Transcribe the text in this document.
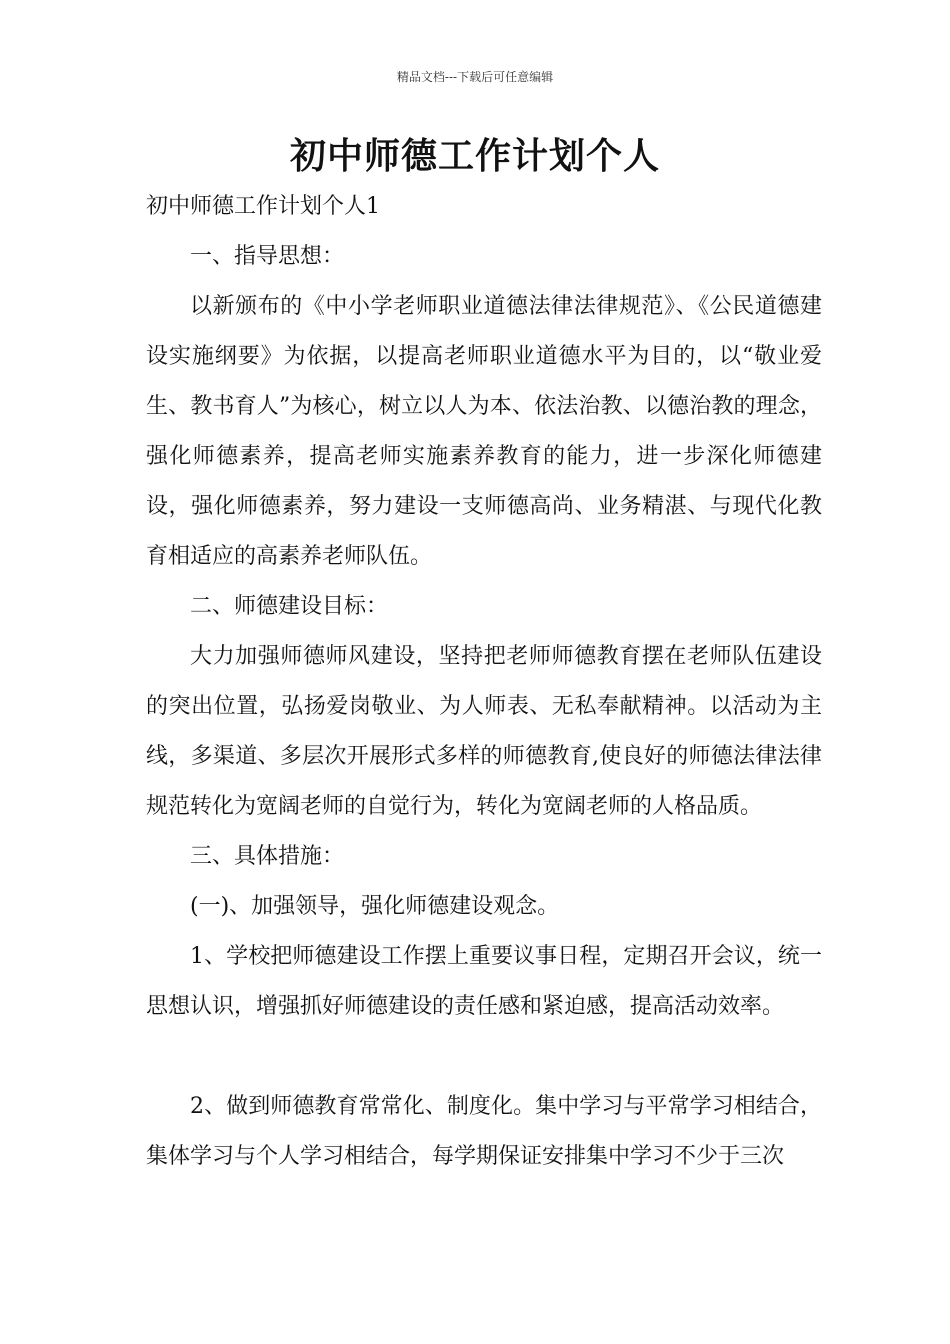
精品文档---下载后可任意编辑
初中师德工作计划个人

初中师德工作计划个人1

一、指导思想：

以新颁布的《中小学老师职业道德法律法律规范》、《公民道德建设实施纲要》为依据，以提高老师职业道德水平为目的，以“敬业爱生、教书育人”为核心，树立以人为本、依法治教、以德治教的理念，强化师德素养，提高老师实施素养教育的能力，进一步深化师德建设，强化师德素养，努力建设一支师德高尚、业务精湛、与现代化教育相适应的高素养老师队伍。

二、师德建设目标：

大力加强师德师风建设，坚持把老师师德教育摆在老师队伍建设的突出位置，弘扬爱岗敬业、为人师表、无私奉献精神。以活动为主线，多渠道、多层次开展形式多样的师德教育,使良好的师德法律法律规范转化为宽阔老师的自觉行为，转化为宽阔老师的人格品质。

三、具体措施：

(一)、加强领导，强化师德建设观念。

1、学校把师德建设工作摆上重要议事日程，定期召开会议，统一思想认识，增强抓好师德建设的责任感和紧迫感，提高活动效率。

2、做到师德教育常常化、制度化。集中学习与平常学习相结合，集体学习与个人学习相结合，每学期保证安排集中学习不少于三次
